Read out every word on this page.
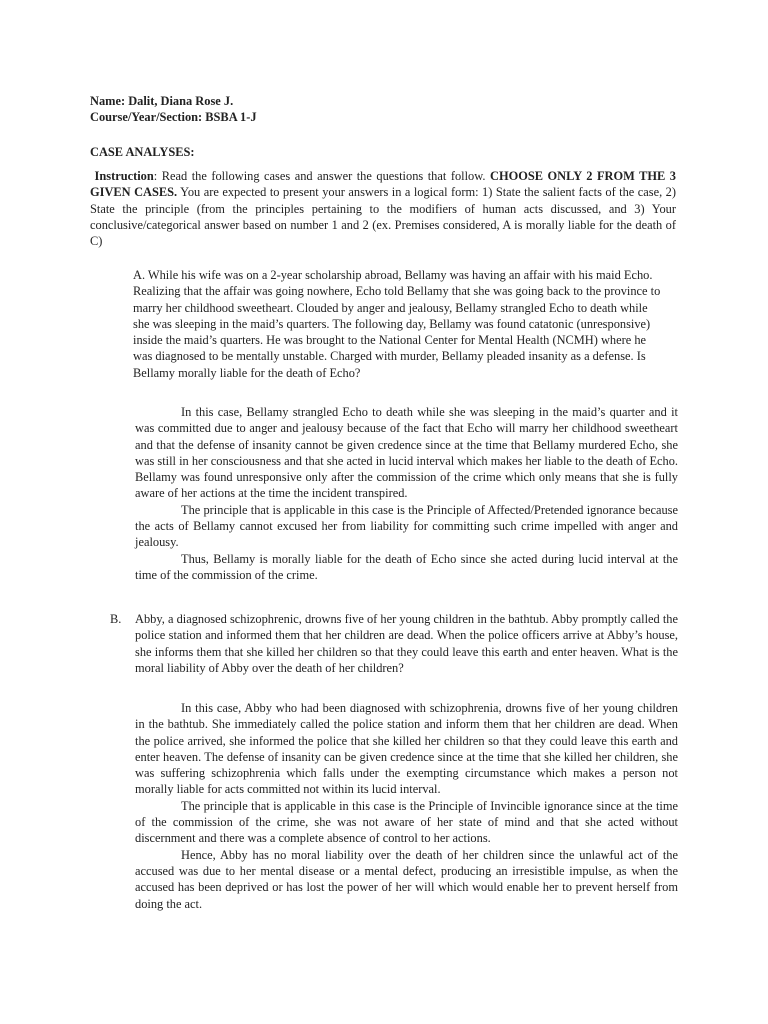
Name: Dalit, Diana Rose J.
Course/Year/Section: BSBA 1-J
CASE ANALYSES:
Instruction: Read the following cases and answer the questions that follow. CHOOSE ONLY 2 FROM THE 3 GIVEN CASES. You are expected to present your answers in a logical form: 1) State the salient facts of the case, 2) State the principle (from the principles pertaining to the modifiers of human acts discussed, and 3) Your conclusive/categorical answer based on number 1 and 2 (ex. Premises considered, A is morally liable for the death of C)
A. While his wife was on a 2-year scholarship abroad, Bellamy was having an affair with his maid Echo. Realizing that the affair was going nowhere, Echo told Bellamy that she was going back to the province to marry her childhood sweetheart. Clouded by anger and jealousy, Bellamy strangled Echo to death while she was sleeping in the maid’s quarters. The following day, Bellamy was found catatonic (unresponsive) inside the maid’s quarters. He was brought to the National Center for Mental Health (NCMH) where he was diagnosed to be mentally unstable. Charged with murder, Bellamy pleaded insanity as a defense. Is Bellamy morally liable for the death of Echo?

In this case, Bellamy strangled Echo to death while she was sleeping in the maid’s quarter and it was committed due to anger and jealousy because of the fact that Echo will marry her childhood sweetheart and that the defense of insanity cannot be given credence since at the time that Bellamy murdered Echo, she was still in her consciousness and that she acted in lucid interval which makes her liable to the death of Echo. Bellamy was found unresponsive only after the commission of the crime which only means that she is fully aware of her actions at the time the incident transpired.

The principle that is applicable in this case is the Principle of Affected/Pretended ignorance because the acts of Bellamy cannot excused her from liability for committing such crime impelled with anger and jealousy.

Thus, Bellamy is morally liable for the death of Echo since she acted during lucid interval at the time of the commission of the crime.

B. Abby, a diagnosed schizophrenic, drowns five of her young children in the bathtub. Abby promptly called the police station and informed them that her children are dead. When the police officers arrive at Abby’s house, she informs them that she killed her children so that they could leave this earth and enter heaven. What is the moral liability of Abby over the death of her children?

In this case, Abby who had been diagnosed with schizophrenia, drowns five of her young children in the bathtub. She immediately called the police station and inform them that her children are dead. When the police arrived, she informed the police that she killed her children so that they could leave this earth and enter heaven. The defense of insanity can be given credence since at the time that she killed her children, she was suffering schizophrenia which falls under the exempting circumstance which makes a person not morally liable for acts committed not within its lucid interval.

The principle that is applicable in this case is the Principle of Invincible ignorance since at the time of the commission of the crime, she was not aware of her state of mind and that she acted without discernment and there was a complete absence of control to her actions.

Hence, Abby has no moral liability over the death of her children since the unlawful act of the accused was due to her mental disease or a mental defect, producing an irresistible impulse, as when the accused has been deprived or has lost the power of her will which would enable her to prevent herself from doing the act.
